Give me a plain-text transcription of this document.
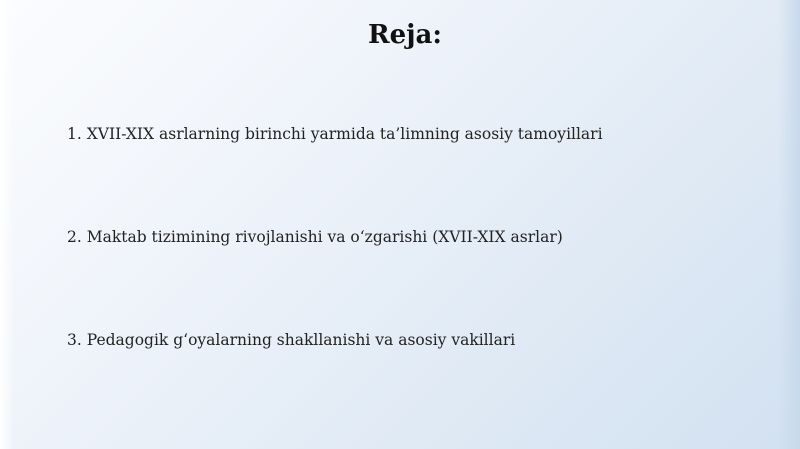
Reja:
1. XVII-XIX asrlarning birinchi yarmida ta’limning asosiy tamoyillari
2. Maktab tizimining rivojlanishi va o‘zgarishi (XVII-XIX asrlar)
3. Pedagogik g‘oyalarning shakllanishi va asosiy vakillari
